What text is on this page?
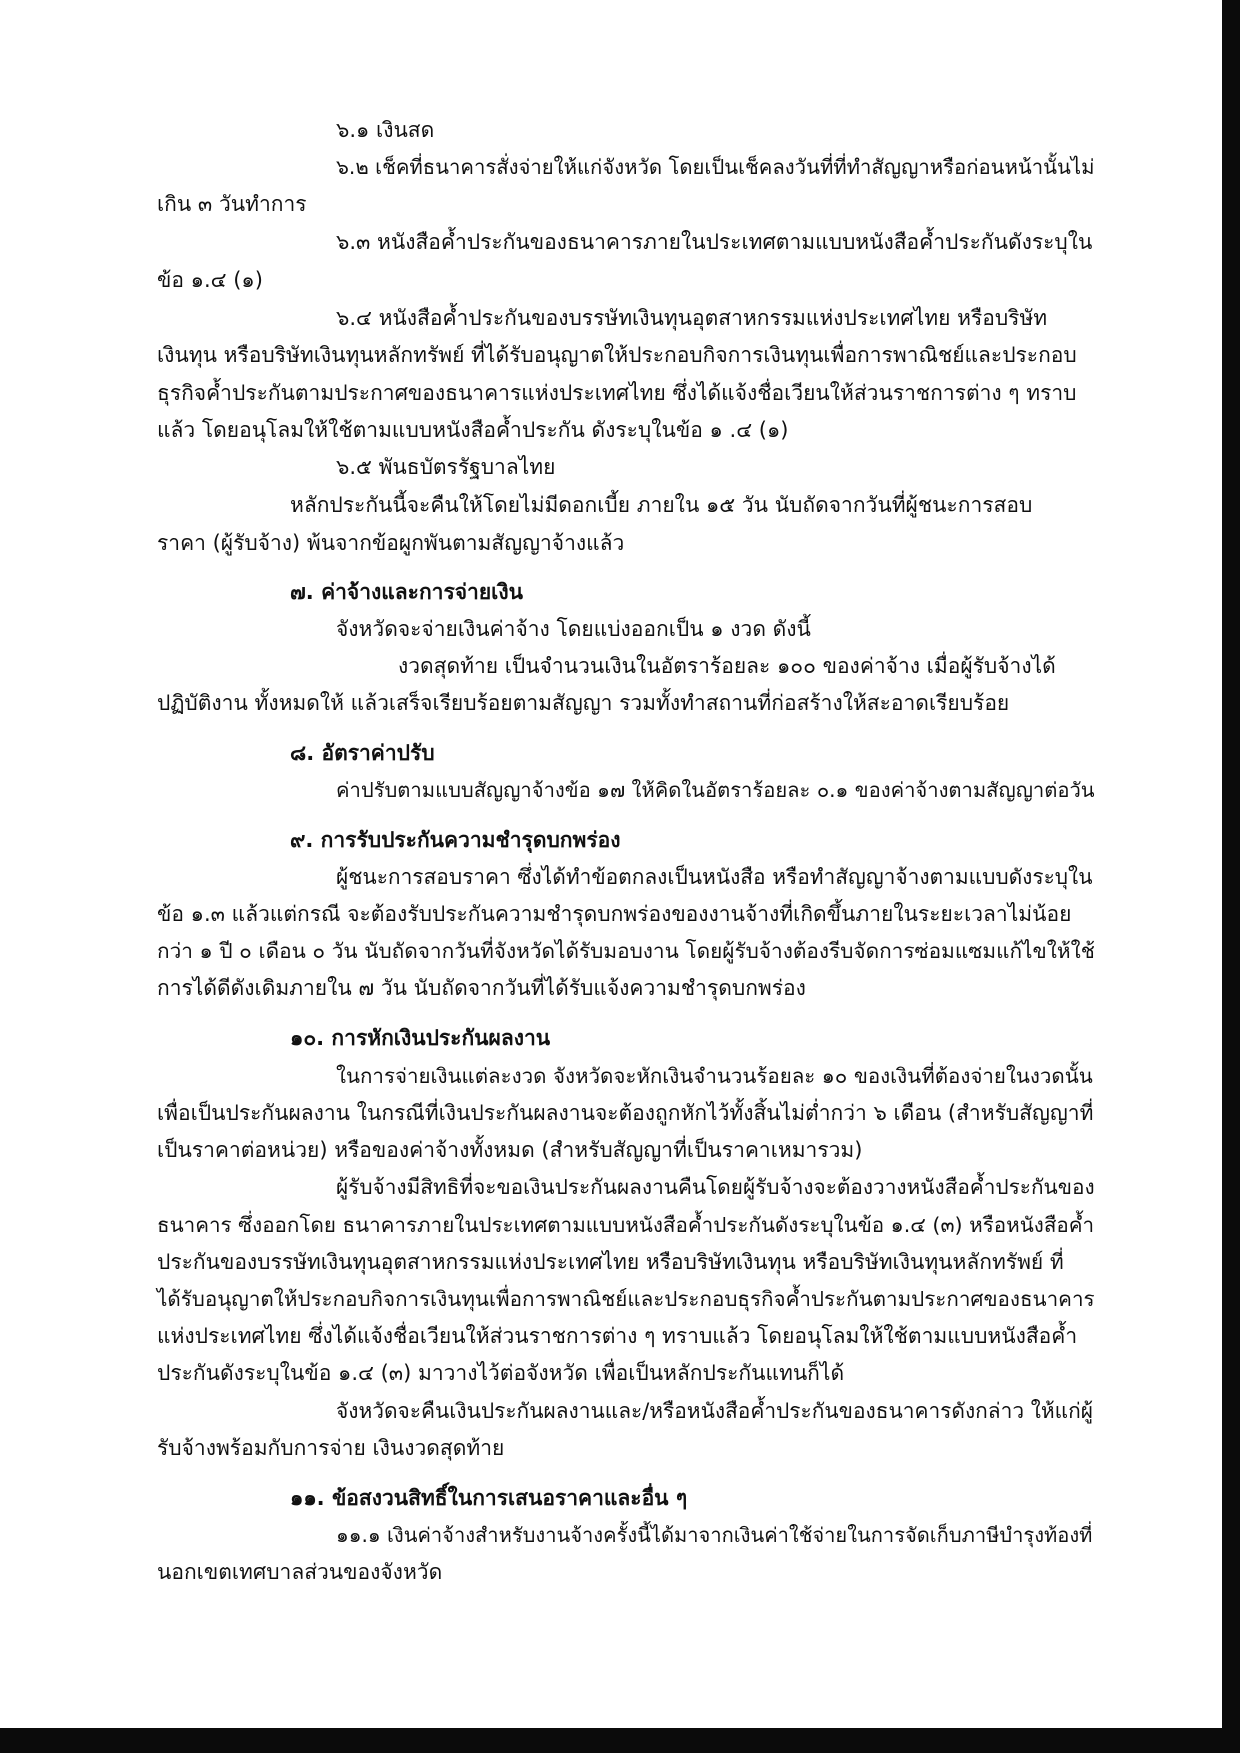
๖.๑ เงินสด
๖.๒ เช็คที่ธนาคารสั่งจ่ายให้แก่จังหวัด โดยเป็นเช็คลงวันที่ที่ทำสัญญาหรือก่อนหน้านั้นไม่
เกิน ๓ วันทำการ
๖.๓ หนังสือค้ำประกันของธนาคารภายในประเทศตามแบบหนังสือค้ำประกันดังระบุใน
ข้อ ๑.๔ (๑)
๖.๔ หนังสือค้ำประกันของบรรษัทเงินทุนอุตสาหกรรมแห่งประเทศไทย หรือบริษัท
เงินทุน หรือบริษัทเงินทุนหลักทรัพย์ ที่ได้รับอนุญาตให้ประกอบกิจการเงินทุนเพื่อการพาณิชย์และประกอบ
ธุรกิจค้ำประกันตามประกาศของธนาคารแห่งประเทศไทย ซึ่งได้แจ้งชื่อเวียนให้ส่วนราชการต่าง ๆ ทราบ
แล้ว โดยอนุโลมให้ใช้ตามแบบหนังสือค้ำประกัน ดังระบุในข้อ ๑ .๔ (๑)
๖.๕ พันธบัตรรัฐบาลไทย
หลักประกันนี้จะคืนให้โดยไม่มีดอกเบี้ย ภายใน ๑๕ วัน นับถัดจากวันที่ผู้ชนะการสอบ
ราคา (ผู้รับจ้าง) พ้นจากข้อผูกพันตามสัญญาจ้างแล้ว
๗. ค่าจ้างและการจ่ายเงิน
จังหวัดจะจ่ายเงินค่าจ้าง โดยแบ่งออกเป็น ๑ งวด ดังนี้
งวดสุดท้าย เป็นจำนวนเงินในอัตราร้อยละ ๑๐๐ ของค่าจ้าง เมื่อผู้รับจ้างได้
ปฏิบัติงาน ทั้งหมดให้ แล้วเสร็จเรียบร้อยตามสัญญา รวมทั้งทำสถานที่ก่อสร้างให้สะอาดเรียบร้อย
๘. อัตราค่าปรับ
ค่าปรับตามแบบสัญญาจ้างข้อ ๑๗ ให้คิดในอัตราร้อยละ ๐.๑ ของค่าจ้างตามสัญญาต่อวัน
๙. การรับประกันความชำรุดบกพร่อง
ผู้ชนะการสอบราคา ซึ่งได้ทำข้อตกลงเป็นหนังสือ หรือทำสัญญาจ้างตามแบบดังระบุใน
ข้อ ๑.๓ แล้วแต่กรณี จะต้องรับประกันความชำรุดบกพร่องของงานจ้างที่เกิดขึ้นภายในระยะเวลาไม่น้อย
กว่า ๑ ปี ๐ เดือน ๐ วัน นับถัดจากวันที่จังหวัดได้รับมอบงาน โดยผู้รับจ้างต้องรีบจัดการซ่อมแซมแก้ไขให้ใช้
การได้ดีดังเดิมภายใน ๗ วัน นับถัดจากวันที่ได้รับแจ้งความชำรุดบกพร่อง
๑๐. การหักเงินประกันผลงาน
ในการจ่ายเงินแต่ละงวด จังหวัดจะหักเงินจำนวนร้อยละ ๑๐ ของเงินที่ต้องจ่ายในงวดนั้น
เพื่อเป็นประกันผลงาน ในกรณีที่เงินประกันผลงานจะต้องถูกหักไว้ทั้งสิ้นไม่ต่ำกว่า ๖ เดือน (สำหรับสัญญาที่
เป็นราคาต่อหน่วย) หรือของค่าจ้างทั้งหมด (สำหรับสัญญาที่เป็นราคาเหมารวม)
ผู้รับจ้างมีสิทธิที่จะขอเงินประกันผลงานคืนโดยผู้รับจ้างจะต้องวางหนังสือค้ำประกันของ
ธนาคาร ซึ่งออกโดย ธนาคารภายในประเทศตามแบบหนังสือค้ำประกันดังระบุในข้อ ๑.๔ (๓) หรือหนังสือค้ำ
ประกันของบรรษัทเงินทุนอุตสาหกรรมแห่งประเทศไทย หรือบริษัทเงินทุน หรือบริษัทเงินทุนหลักทรัพย์ ที่
ได้รับอนุญาตให้ประกอบกิจการเงินทุนเพื่อการพาณิชย์และประกอบธุรกิจค้ำประกันตามประกาศของธนาคาร
แห่งประเทศไทย ซึ่งได้แจ้งชื่อเวียนให้ส่วนราชการต่าง ๆ ทราบแล้ว โดยอนุโลมให้ใช้ตามแบบหนังสือค้ำ
ประกันดังระบุในข้อ ๑.๔ (๓) มาวางไว้ต่อจังหวัด เพื่อเป็นหลักประกันแทนก็ได้
จังหวัดจะคืนเงินประกันผลงานและ/หรือหนังสือค้ำประกันของธนาคารดังกล่าว ให้แก่ผู้
รับจ้างพร้อมกับการจ่าย เงินงวดสุดท้าย
๑๑. ข้อสงวนสิทธิ์ในการเสนอราคาและอื่น ๆ
๑๑.๑ เงินค่าจ้างสำหรับงานจ้างครั้งนี้ได้มาจากเงินค่าใช้จ่ายในการจัดเก็บภาษีบำรุงท้องที่
นอกเขตเทศบาลส่วนของจังหวัด
